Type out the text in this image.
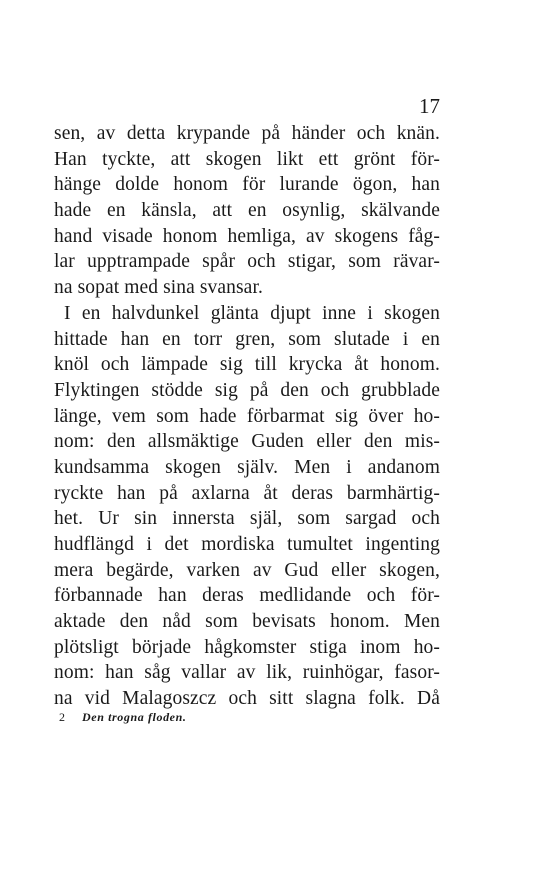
17
sen, av detta krypande på händer och knän.
Han tyckte, att skogen likt ett grönt för-
hänge dolde honom för lurande ögon, han
hade en känsla, att en osynlig, skälvande
hand visade honom hemliga, av skogens fåg-
lar upptrampade spår och stigar, som rävar-
na sopat med sina svansar.
I en halvdunkel glänta djupt inne i skogen
hittade han en torr gren, som slutade i en
knöl och lämpade sig till krycka åt honom.
Flyktingen stödde sig på den och grubblade
länge, vem som hade förbarmat sig över ho-
nom: den allsmäktige Guden eller den mis-
kundsamma skogen själv. Men i andanom
ryckte han på axlarna åt deras barmhärtig-
het. Ur sin innersta själ, som sargad och
hudflängd i det mordiska tumultet ingenting
mera begärde, varken av Gud eller skogen,
förbannade han deras medlidande och för-
aktade den nåd som bevisats honom. Men
plötsligt började hågkomster stiga inom ho-
nom: han såg vallar av lik, ruinhögar, fasor-
na vid Malagoszcz och sitt slagna folk. Då
2 Den trogna floden.
